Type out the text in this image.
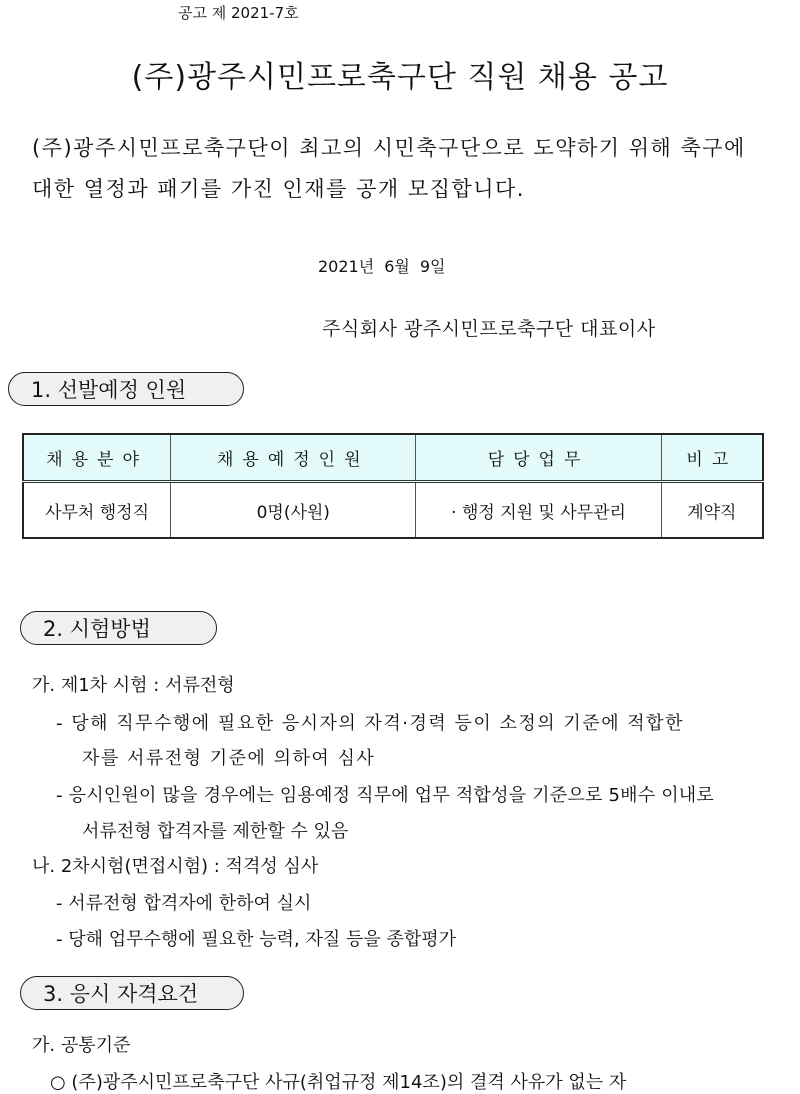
공고 제 2021-7호
(주)광주시민프로축구단 직원 채용 공고
(주)광주시민프로축구단이 최고의 시민축구단으로 도약하기 위해 축구에
대한 열정과 패기를 가진 인재를 공개 모집합니다.
2021년 6월 9일
주식회사 광주시민프로축구단 대표이사
1. 선발예정 인원
채용분야	채용예정인원	담당업무	비고
사무처 행정직	0명(사원)	· 행정 지원 및 사무관리	계약직
2. 시험방법
가. 제1차 시험 : 서류전형
- 당해 직무수행에 필요한 응시자의 자격·경력 등이 소정의 기준에 적합한
자를 서류전형 기준에 의하여 심사
- 응시인원이 많을 경우에는 임용예정 직무에 업무 적합성을 기준으로 5배수 이내로
서류전형 합격자를 제한할 수 있음
나. 2차시험(면접시험) : 적격성 심사
- 서류전형 합격자에 한하여 실시
- 당해 업무수행에 필요한 능력, 자질 등을 종합평가
3. 응시 자격요건
가. 공통기준
○ (주)광주시민프로축구단 사규(취업규정 제14조)의 결격 사유가 없는 자
